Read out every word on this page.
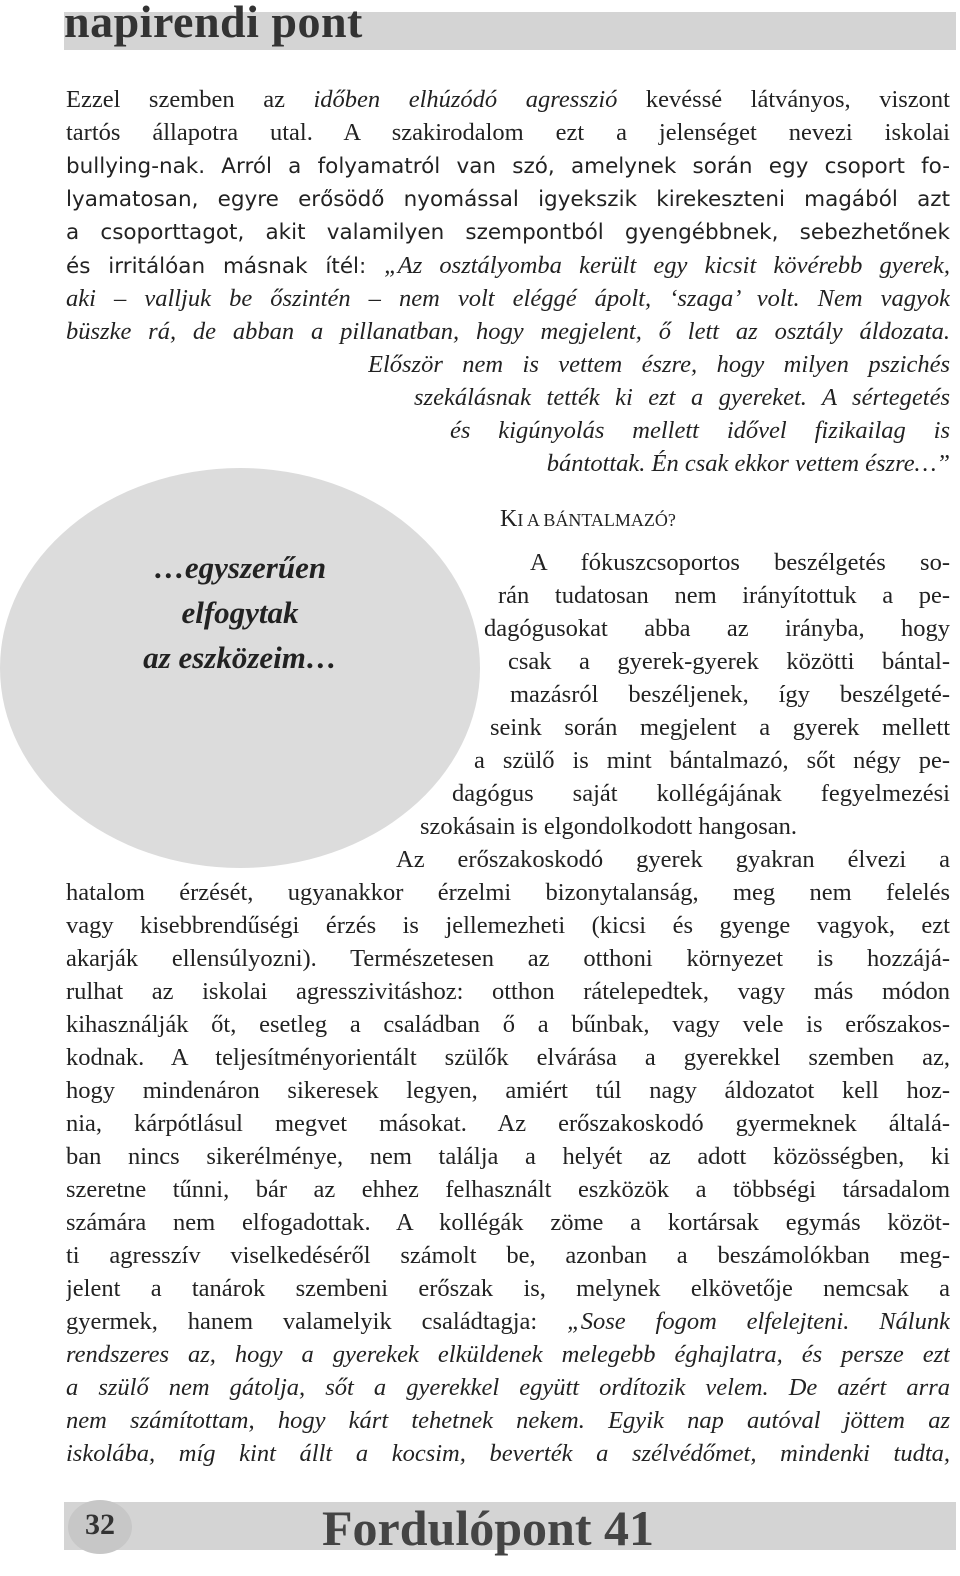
napirendi pont
Ezzel szemben az időben elhúzódó agresszió kevéssé látványos, viszont
tartós állapotra utal. A szakirodalom ezt a jelenséget nevezi iskolai
bullying-nak. Arról a folyamatról van szó, amelynek során egy csoport fo-
lyamatosan, egyre erősödő nyomással igyekszik kirekeszteni magából azt
a csoporttagot, akit valamilyen szempontból gyengébbnek, sebezhetőnek
és irritálóan másnak ítél: „Az osztályomba került egy kicsit kövérebb gyerek,
aki – valljuk be őszintén – nem volt eléggé ápolt, ‘szaga’ volt. Nem vagyok
büszke rá, de abban a pillanatban, hogy megjelent, ő lett az osztály áldozata.
Először nem is vettem észre, hogy milyen pszichés
szekálásnak tették ki ezt a gyereket. A sértegetés
és kigúnyolás mellett idővel fizikailag is
bántottak. Én csak ekkor vettem észre…”
KI A BÁNTALMAZÓ?
…egyszerűen
elfogytak
az eszközeim…
A fókuszcsoportos beszélgetés so-
rán tudatosan nem irányítottuk a pe-
dagógusokat abba az irányba, hogy
csak a gyerek-gyerek közötti bántal-
mazásról beszéljenek, így beszélgeté-
seink során megjelent a gyerek mellett
a szülő is mint bántalmazó, sőt négy pe-
dagógus saját kollégájának fegyelmezési
szokásain is elgondolkodott hangosan.
Az erőszakoskodó gyerek gyakran élvezi a
hatalom érzését, ugyanakkor érzelmi bizonytalanság, meg nem felelés
vagy kisebbrendűségi érzés is jellemezheti (kicsi és gyenge vagyok, ezt
akarják ellensúlyozni). Természetesen az otthoni környezet is hozzájá-
rulhat az iskolai agresszivitáshoz: otthon rátelepedtek, vagy más módon
kihasználják őt, esetleg a családban ő a bűnbak, vagy vele is erőszakos-
kodnak. A teljesítményorientált szülők elvárása a gyerekkel szemben az,
hogy mindenáron sikeresek legyen, amiért túl nagy áldozatot kell hoz-
nia, kárpótlásul megvet másokat. Az erőszakoskodó gyermeknek általá-
ban nincs sikerélménye, nem találja a helyét az adott közösségben, ki
szeretne tűnni, bár az ehhez felhasznált eszközök a többségi társadalom
számára nem elfogadottak. A kollégák zöme a kortársak egymás közöt-
ti agresszív viselkedéséről számolt be, azonban a beszámolókban meg-
jelent a tanárok szembeni erőszak is, melynek elkövetője nemcsak a
gyermek, hanem valamelyik családtagja: „Sose fogom elfelejteni. Nálunk
rendszeres az, hogy a gyerekek elküldenek melegebb éghajlatra, és persze ezt
a szülő nem gátolja, sőt a gyerekkel együtt ordítozik velem. De azért arra
nem számítottam, hogy kárt tehetnek nekem. Egyik nap autóval jöttem az
iskolába, míg kint állt a kocsim, beverték a szélvédőmet, mindenki tudta,
32	Fordulópont 41
